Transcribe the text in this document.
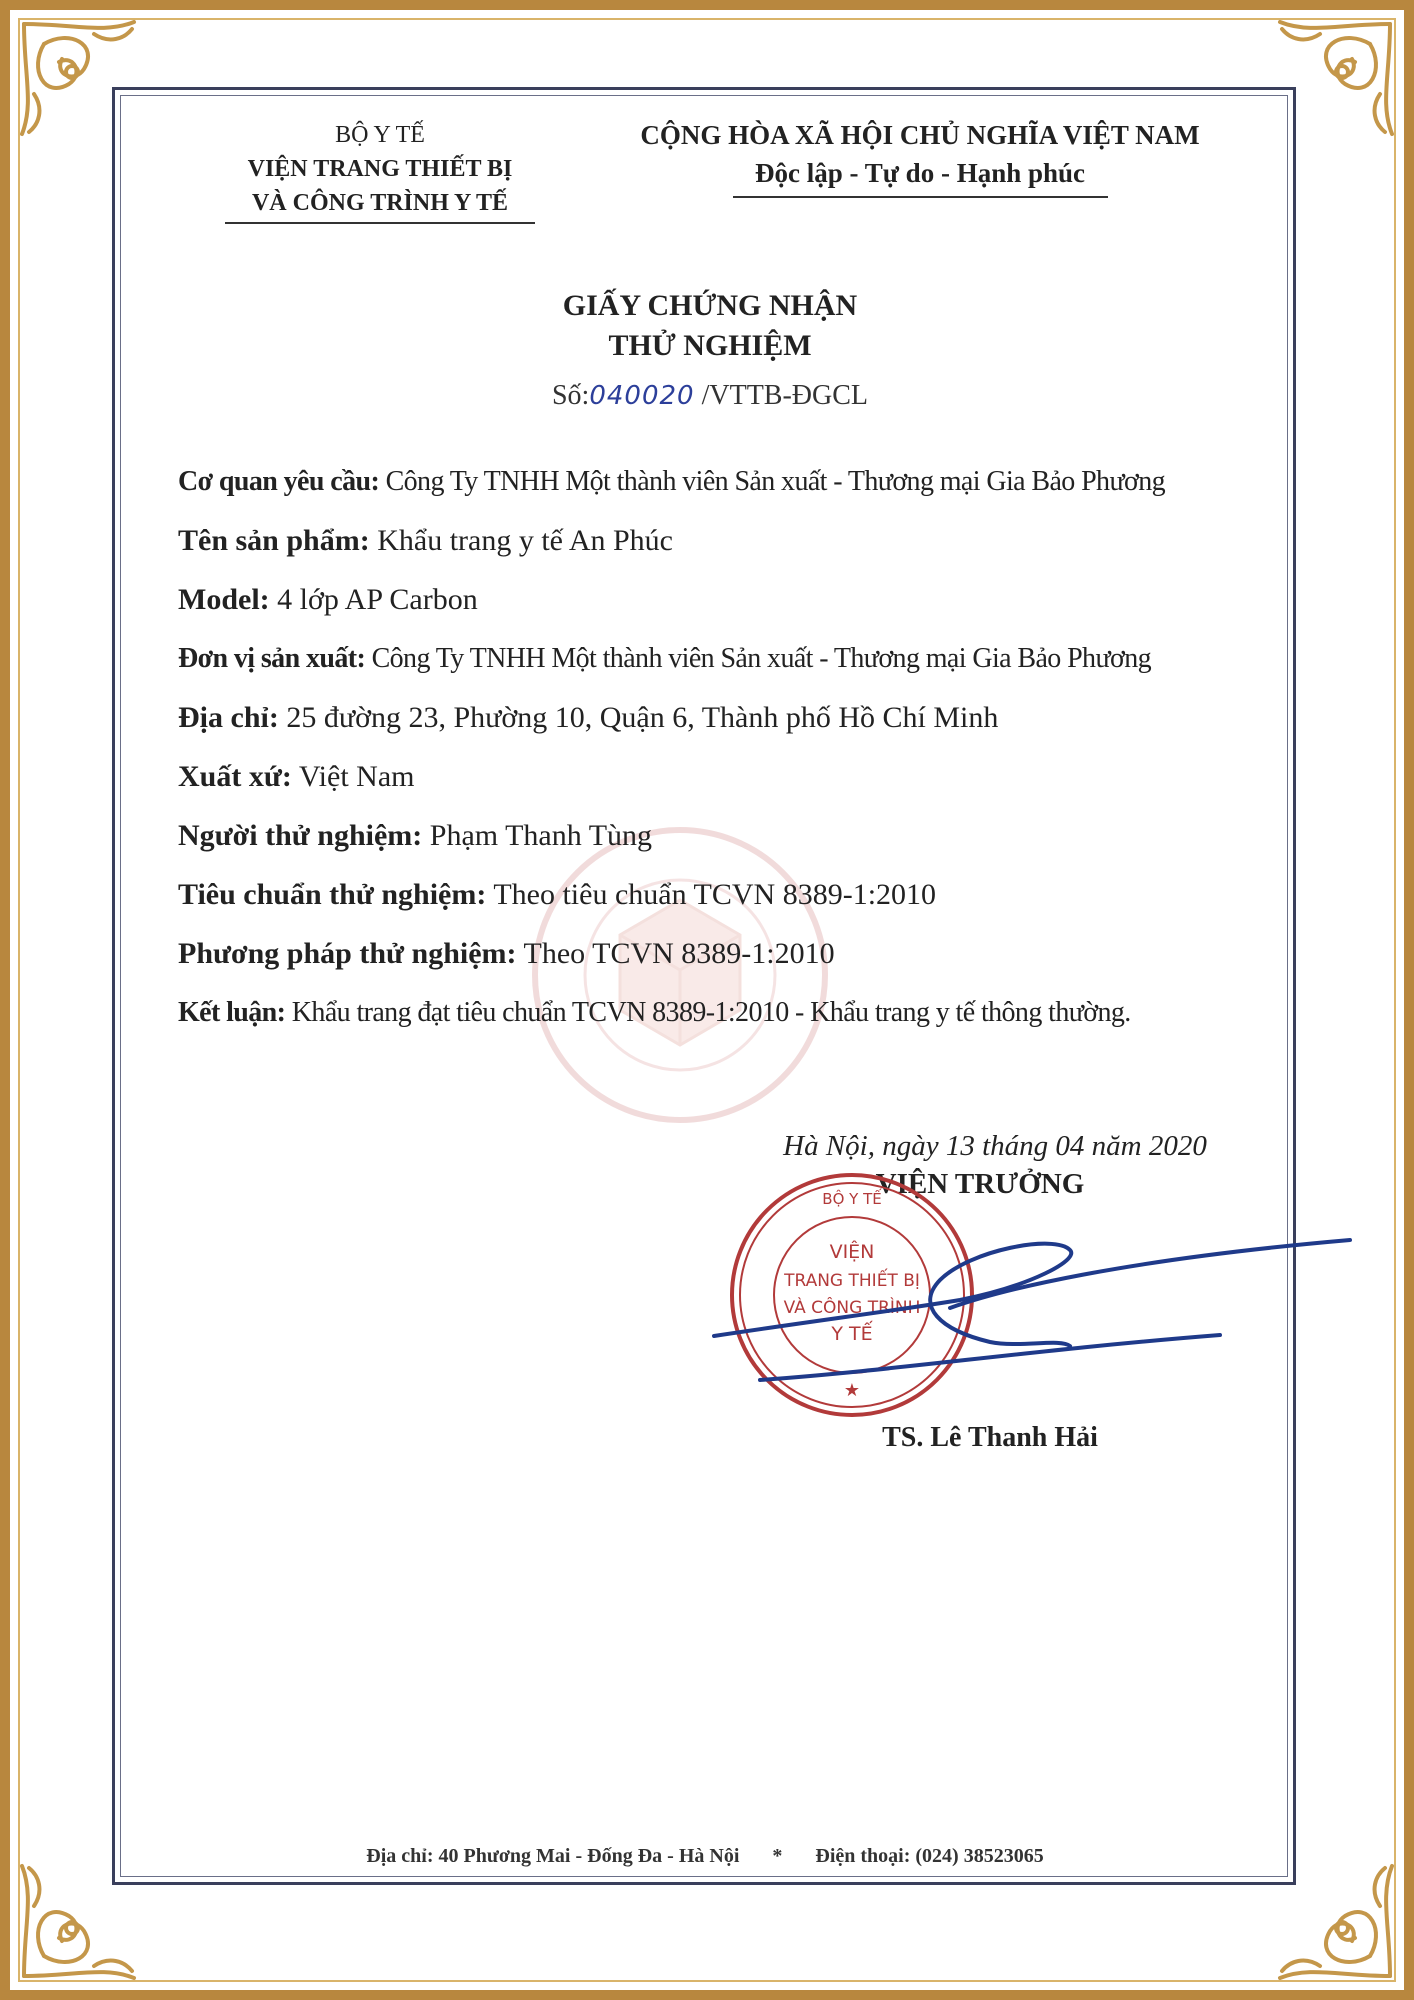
BỘ Y TẾ
VIỆN TRANG THIẾT BỊ
VÀ CÔNG TRÌNH Y TẾ
CỘNG HÒA XÃ HỘI CHỦ NGHĨA VIỆT NAM
Độc lập - Tự do - Hạnh phúc
GIẤY CHỨNG NHẬN
THỬ NGHIỆM
Số:040020 /VTTB-ĐGCL
Cơ quan yêu cầu: Công Ty TNHH Một thành viên Sản xuất - Thương mại Gia Bảo Phương
Tên sản phẩm: Khẩu trang y tế An Phúc
Model: 4 lớp AP Carbon
Đơn vị sản xuất: Công Ty TNHH Một thành viên Sản xuất - Thương mại Gia Bảo Phương
Địa chỉ: 25 đường 23, Phường 10, Quận 6, Thành phố Hồ Chí Minh
Xuất xứ: Việt Nam
Người thử nghiệm: Phạm Thanh Tùng
Tiêu chuẩn thử nghiệm: Theo tiêu chuẩn TCVN 8389-1:2010
Phương pháp thử nghiệm: Theo TCVN 8389-1:2010
Kết luận: Khẩu trang đạt tiêu chuẩn TCVN 8389-1:2010 - Khẩu trang y tế thông thường.
Hà Nội, ngày 13 tháng 04 năm 2020
VIỆN TRƯỞNG
BỘ Y TẾ
VIỆN
TRANG THIẾT BỊ
VÀ CÔNG TRÌNH
Y TẾ
★
TS. Lê Thanh Hải
Địa chỉ: 40 Phương Mai - Đống Đa - Hà Nội * Điện thoại: (024) 38523065
